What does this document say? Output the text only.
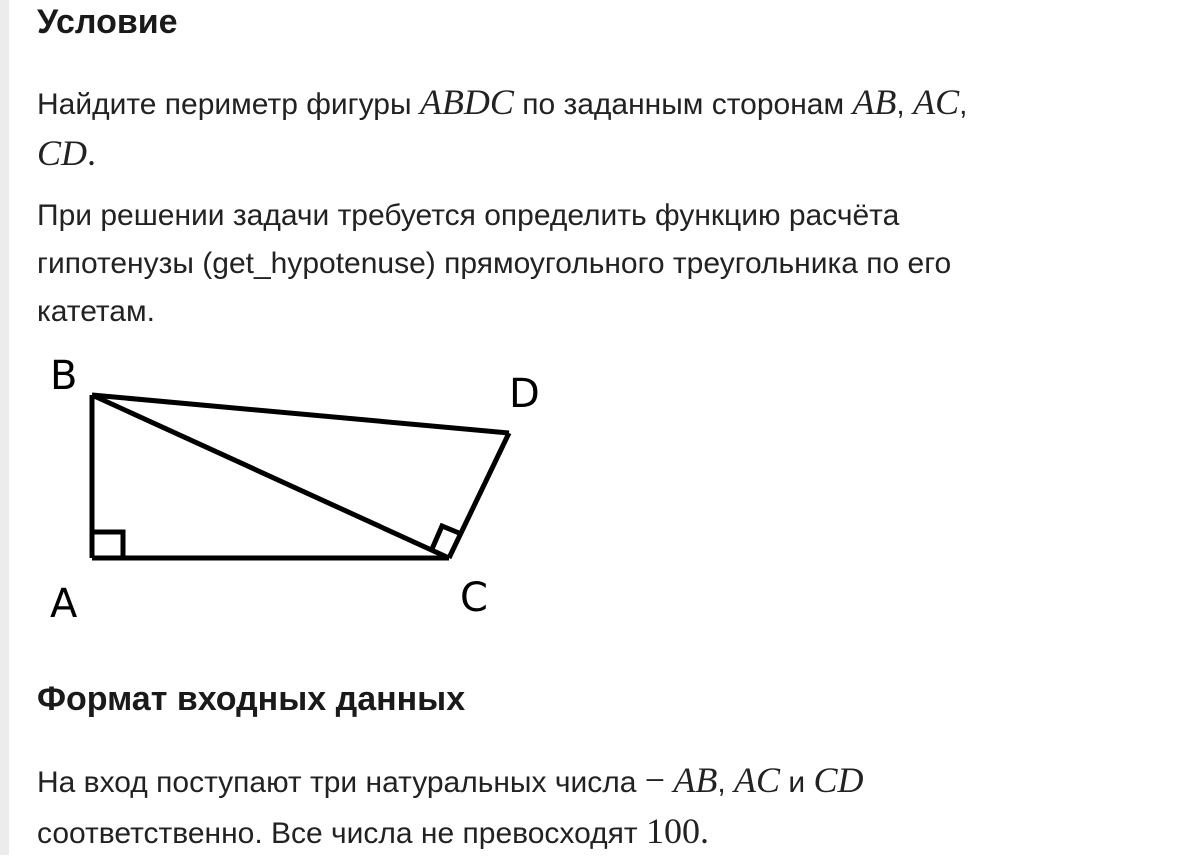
Условие
Найдите периметр фигуры ABDC по заданным сторонам AB, AC,
CD.
При решении задачи требуется определить функцию расчёта
гипотенузы (get_hypotenuse) прямоугольного треугольника по его
катетам.
Формат входных данных
На вход поступают три натуральных числа − AB, AC и CD
соответственно. Все числа не превосходят 100.
B	D
A	C
